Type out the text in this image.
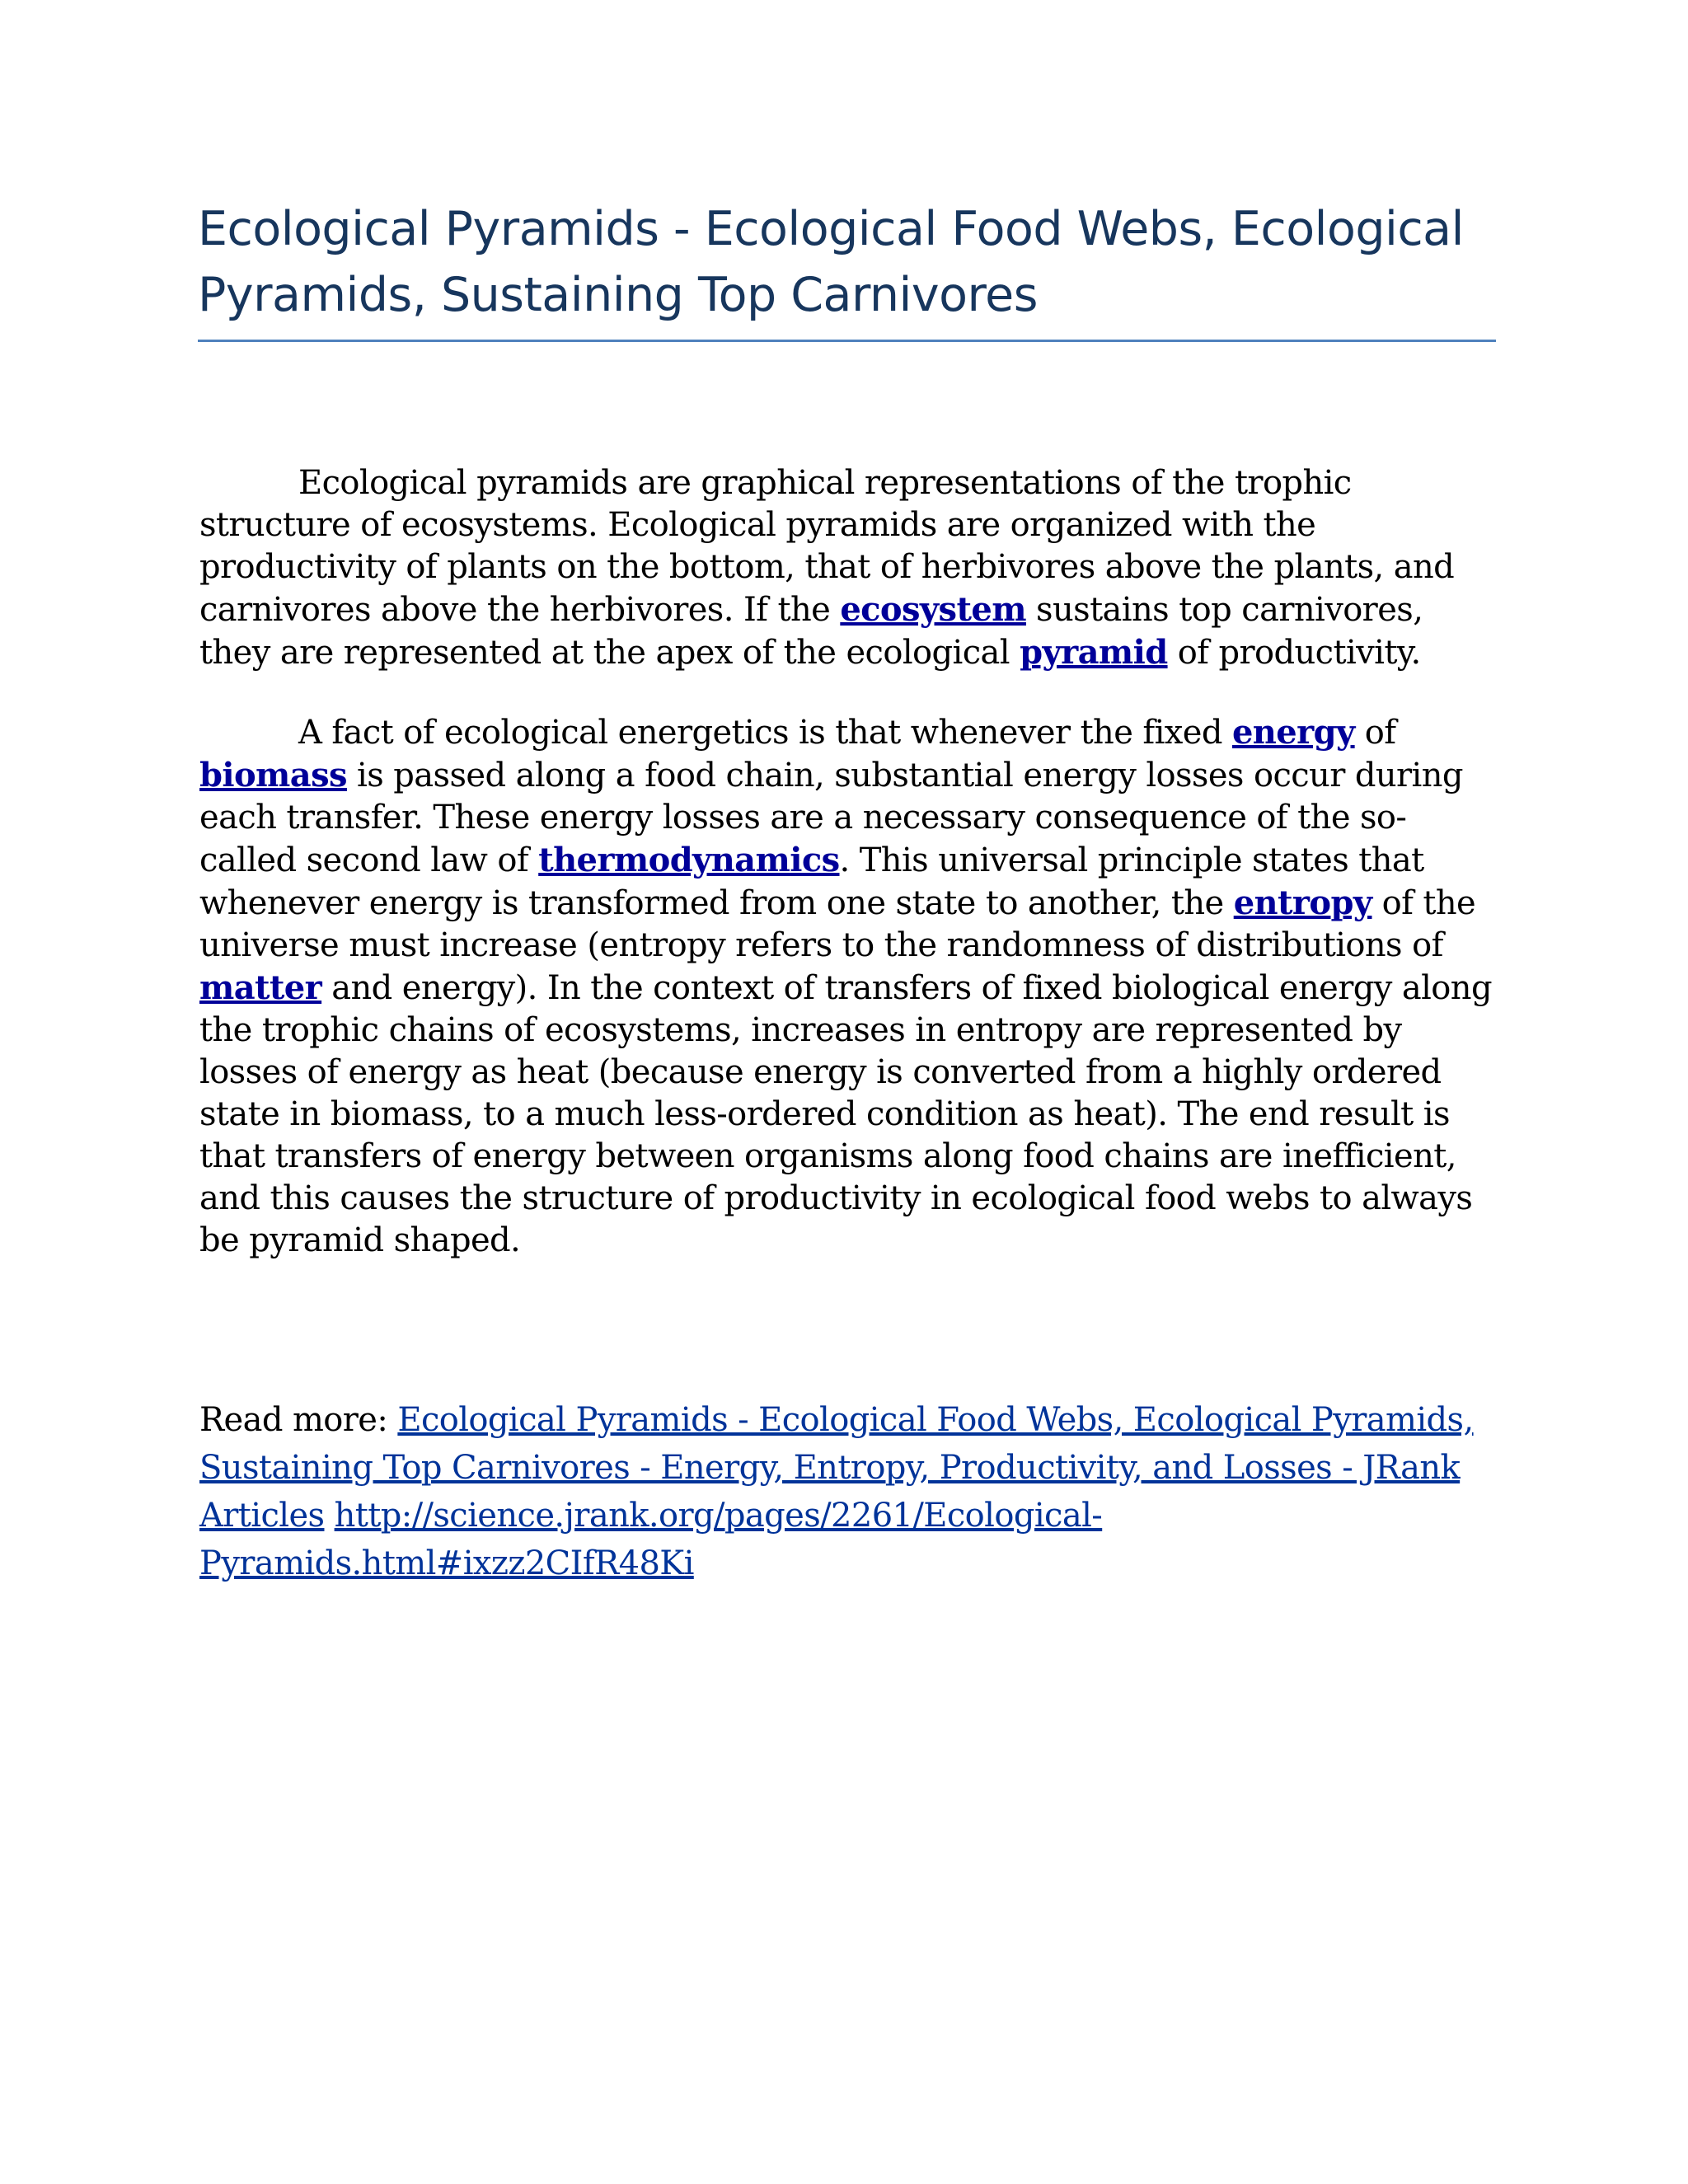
Ecological Pyramids - Ecological Food Webs, Ecological Pyramids, Sustaining Top Carnivores

Ecological pyramids are graphical representations of the trophic structure of ecosystems. Ecological pyramids are organized with the productivity of plants on the bottom, that of herbivores above the plants, and carnivores above the herbivores. If the ecosystem sustains top carnivores, they are represented at the apex of the ecological pyramid of productivity.

A fact of ecological energetics is that whenever the fixed energy of biomass is passed along a food chain, substantial energy losses occur during each transfer. These energy losses are a necessary consequence of the so-called second law of thermodynamics. This universal principle states that whenever energy is transformed from one state to another, the entropy of the universe must increase (entropy refers to the randomness of distributions of matter and energy). In the context of transfers of fixed biological energy along the trophic chains of ecosystems, increases in entropy are represented by losses of energy as heat (because energy is converted from a highly ordered state in biomass, to a much less-ordered condition as heat). The end result is that transfers of energy between organisms along food chains are inefficient, and this causes the structure of productivity in ecological food webs to always be pyramid shaped.

Read more: Ecological Pyramids - Ecological Food Webs, Ecological Pyramids, Sustaining Top Carnivores - Energy, Entropy, Productivity, and Losses - JRank Articles http://science.jrank.org/pages/2261/Ecological-Pyramids.html#ixzz2CIfR48Ki
